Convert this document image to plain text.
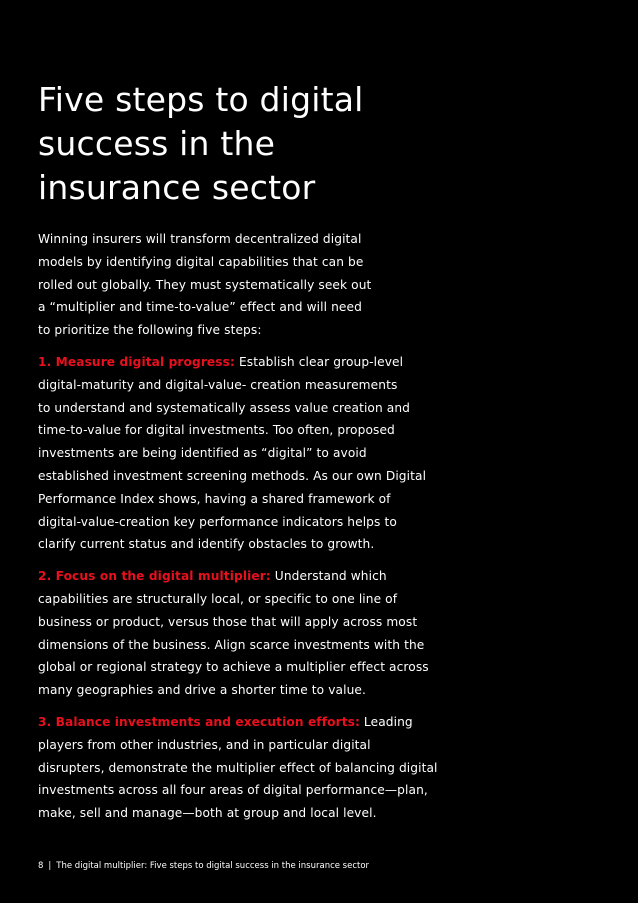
Five steps to digital
success in the
insurance sector

Winning insurers will transform decentralized digital
models by identifying digital capabilities that can be
rolled out globally. They must systematically seek out
a “multiplier and time-to-value” effect and will need
to prioritize the following five steps:

1. Measure digital progress: Establish clear group-level
digital-maturity and digital-value- creation measurements
to understand and systematically assess value creation and
time-to-value for digital investments. Too often, proposed
investments are being identified as “digital” to avoid
established investment screening methods. As our own Digital
Performance Index shows, having a shared framework of
digital-value-creation key performance indicators helps to
clarify current status and identify obstacles to growth.

2. Focus on the digital multiplier: Understand which
capabilities are structurally local, or specific to one line of
business or product, versus those that will apply across most
dimensions of the business. Align scarce investments with the
global or regional strategy to achieve a multiplier effect across
many geographies and drive a shorter time to value.

3. Balance investments and execution efforts: Leading
players from other industries, and in particular digital
disrupters, demonstrate the multiplier effect of balancing digital
investments across all four areas of digital performance—plan,
make, sell and manage—both at group and local level.

8 | The digital multiplier: Five steps to digital success in the insurance sector
